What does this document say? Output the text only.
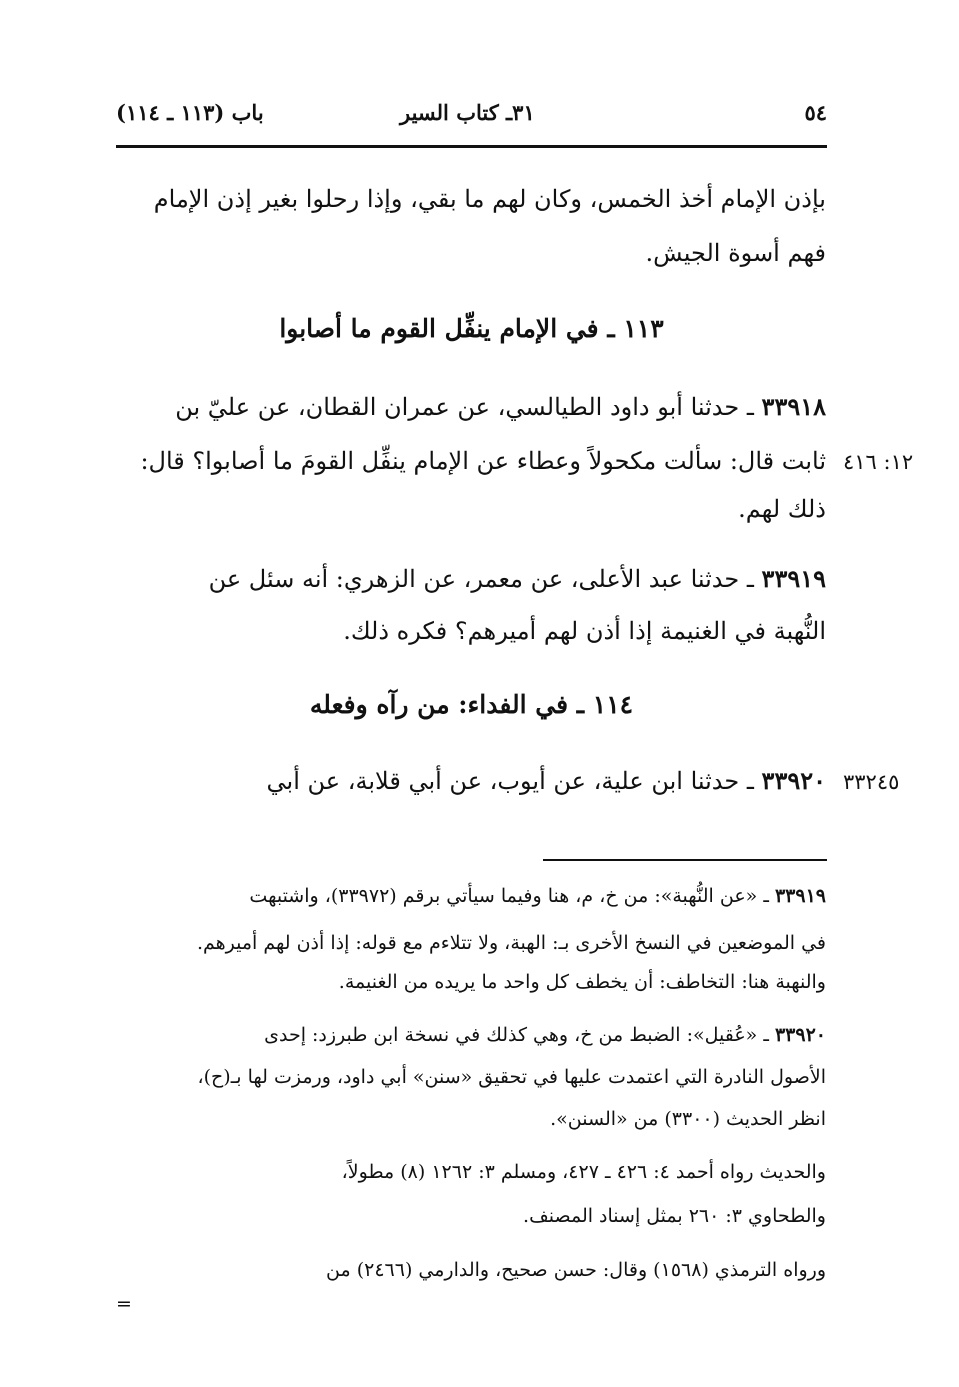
٥٤
٣١ـ كتاب السير
باب (١١٣ ـ ١١٤)
بإذن الإمام أخذ الخمس، وكان لهم ما بقي، وإذا رحلوا بغير إذن الإمام
فهم أسوة الجيش.
١١٣ ـ في الإمام ينفِّل القوم ما أصابوا
٣٣٩١٨ ـ حدثنا أبو داود الطيالسي، عن عمران القطان، عن عليّ بن
ثابت قال: سألت مكحولاً وعطاء عن الإمام ينفِّل القومَ ما أصابوا؟ قال:
ذلك لهم.
١٢: ٤١٦
٣٣٩١٩ ـ حدثنا عبد الأعلى، عن معمر، عن الزهري: أنه سئل عن
النُّهبة في الغنيمة إذا أذن لهم أميرهم؟ فكره ذلك.
١١٤ ـ في الفداء: من رآه وفعله
٣٣٩٢٠ ـ حدثنا ابن علية، عن أيوب، عن أبي قلابة، عن أبي	٣٣٢٤٥
٣٣٩١٩ ـ «عن النُّهبة»: من خ، م، هنا وفيما سيأتي برقم (٣٣٩٧٢)، واشتبهت
في الموضعين في النسخ الأخرى بـ: الهبة، ولا تتلاءم مع قوله: إذا أذن لهم أميرهم.
والنهبة هنا: التخاطف: أن يخطف كل واحد ما يريده من الغنيمة.
٣٣٩٢٠ ـ «عُقيل»: الضبط من خ، وهي كذلك في نسخة ابن طبرزد: إحدى
الأصول النادرة التي اعتمدت عليها في تحقيق «سنن» أبي داود، ورمزت لها بـ(ح)،
انظر الحديث (٣٣٠٠) من «السنن».
والحديث رواه أحمد ٤: ٤٢٦ ـ ٤٢٧، ومسلم ٣: ١٢٦٢ (٨) مطولاً،
والطحاوي ٣: ٢٦٠ بمثل إسناد المصنف.
ورواه الترمذي (١٥٦٨) وقال: حسن صحيح، والدارمي (٢٤٦٦) من
=
